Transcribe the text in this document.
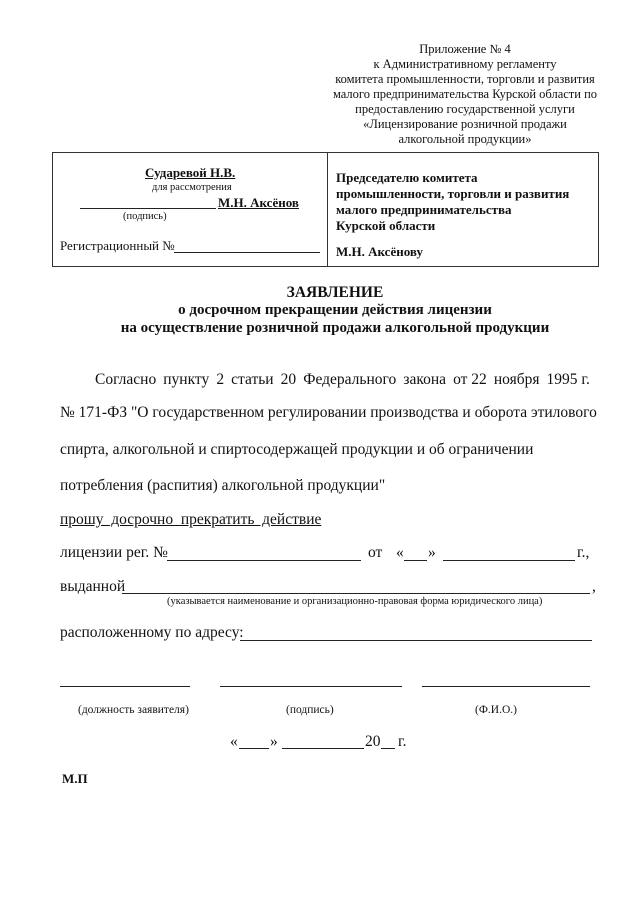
Приложение № 4
к Административному регламенту
комитета промышленности, торговли и развития
малого предпринимательства Курской области по
предоставлению государственной услуги
«Лицензирование розничной продажи
алкогольной продукции»
Сударевой Н.В.
для рассмотрения
М.Н. Аксёнов
(подпись)
Регистрационный №
Председателю комитета
промышленности, торговли и развития
малого предпринимательства
Курской области
М.Н. Аксёнову
ЗАЯВЛЕНИЕ
о досрочном прекращении действия лицензии
на осуществление розничной продажи алкогольной продукции
Согласно пункту 2 статьи 20 Федерального закона от 22 ноября 1995 г.
№ 171-ФЗ "О государственном регулировании производства и оборота этилового
спирта, алкогольной и спиртосодержащей продукции и об ограничении
потребления (распития) алкогольной продукции"
прошу  досрочно  прекратить  действие
лицензии рег. №	от « »	г.,
выданной	,
(указывается наименование и организационно-правовая форма юридического лица)
расположенному по адресу:
(должность заявителя)	(подпись)	(Ф.И.О.)
« »	20 г.
М.П
